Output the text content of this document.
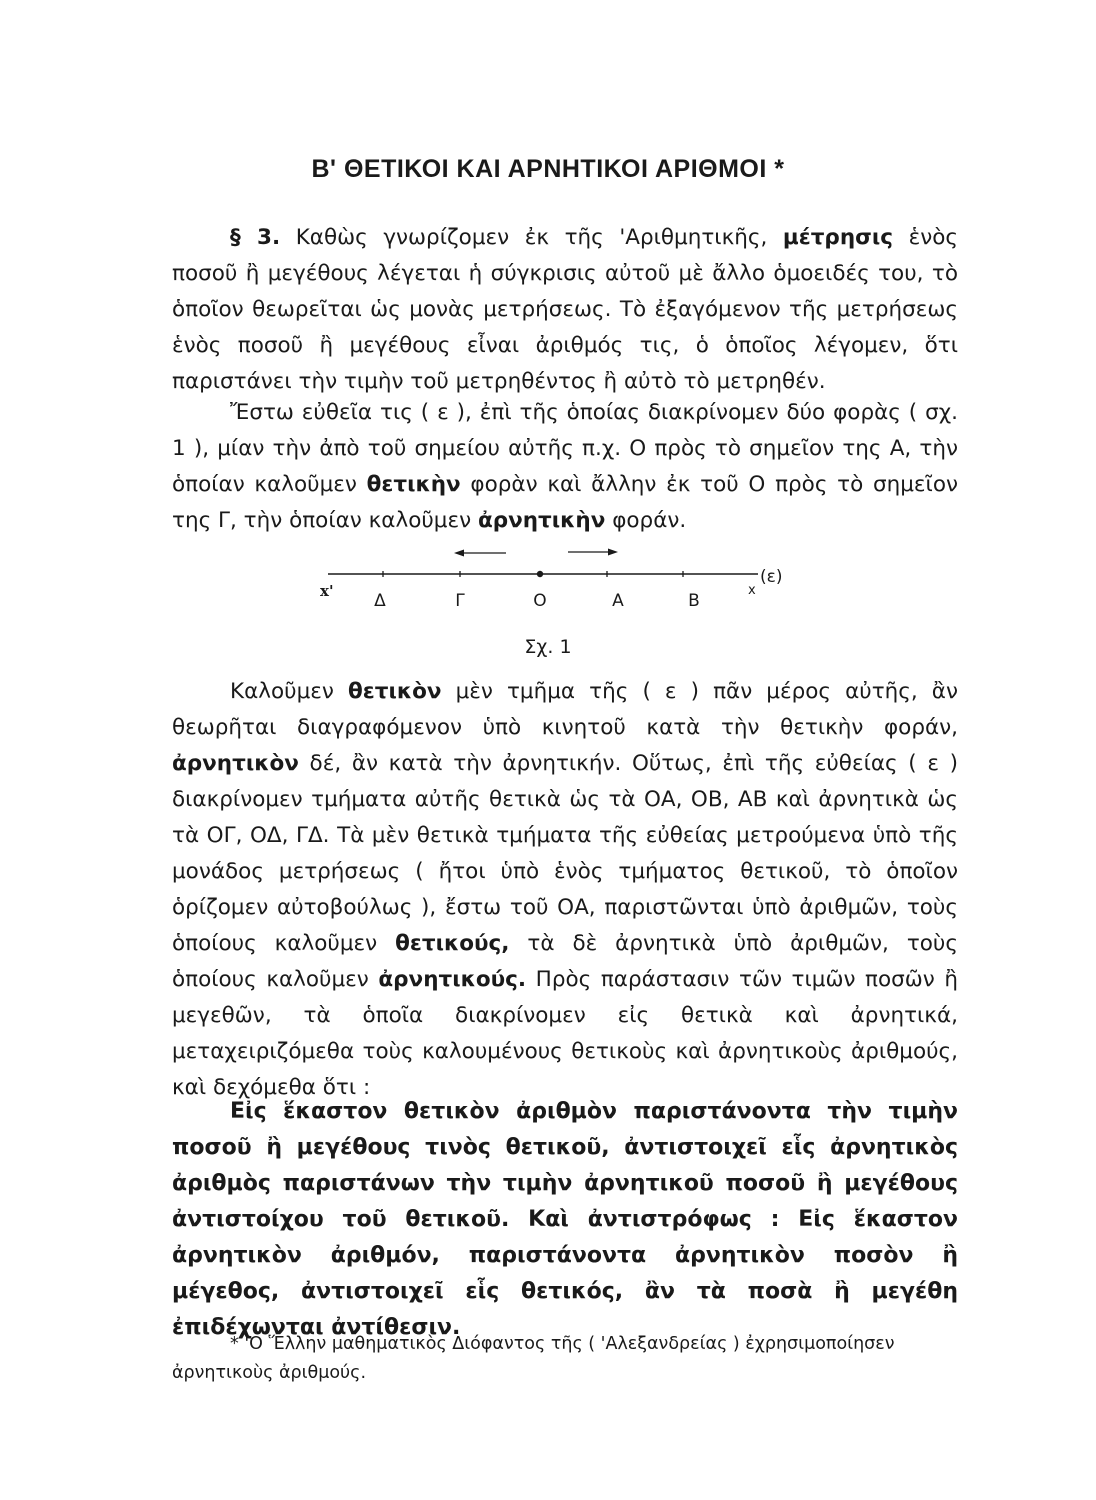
Β' ΘΕΤΙΚΟΙ ΚΑΙ ΑΡΝΗΤΙΚΟΙ ΑΡΙΘΜΟΙ *

§ 3. Καθὼς γνωρίζομεν ἐκ τῆς 'Αριθμητικῆς, μέτρησις ἑνὸς ποσοῦ ἢ μεγέθους λέγεται ἡ σύγκρισις αὐτοῦ μὲ ἄλλο ὁμοειδές του, τὸ ὁποῖον θεωρεῖται ὡς μονὰς μετρήσεως. Τὸ ἐξαγόμενον τῆς μετρήσεως ἑνὸς ποσοῦ ἢ μεγέθους εἶναι ἀριθμός τις, ὁ ὁποῖος λέγομεν, ὅτι παριστάνει τὴν τιμὴν τοῦ μετρηθέντος ἢ αὐτὸ τὸ μετρηθέν.

Ἔστω εὐθεῖα τις ( ε ), ἐπὶ τῆς ὁποίας διακρίνομεν δύο φορὰς ( σχ. 1 ), μίαν τὴν ἀπὸ τοῦ σημείου αὐτῆς π.χ. Ο πρὸς τὸ σημεῖον της Α, τὴν ὁποίαν καλοῦμεν θετικὴν φορὰν καὶ ἄλλην ἐκ τοῦ Ο πρὸς τὸ σημεῖον της Γ, τὴν ὁποίαν καλοῦμεν ἀρνητικὴν φοράν.

x' Δ	Γ	Ο	Α	Β
x
(ε)
Σχ. 1

Καλοῦμεν θετικὸν μὲν τμῆμα τῆς ( ε ) πᾶν μέρος αὐτῆς, ἂν θεωρῆται διαγραφόμενον ὑπὸ κινητοῦ κατὰ τὴν θετικὴν φοράν, ἀρνητικὸν δέ, ἂν κατὰ τὴν ἀρνητικήν. Οὕτως, ἐπὶ τῆς εὐθείας ( ε ) διακρίνομεν τμήματα αὐτῆς θετικὰ ὡς τὰ ΟΑ, ΟΒ, ΑΒ καὶ ἀρνητικὰ ὡς τὰ ΟΓ, ΟΔ, ΓΔ. Τὰ μὲν θετικὰ τμήματα τῆς εὐθείας μετρούμενα ὑπὸ τῆς μονάδος μετρήσεως ( ἤτοι ὑπὸ ἑνὸς τμήματος θετικοῦ, τὸ ὁποῖον ὁρίζομεν αὐτοβούλως ), ἔστω τοῦ ΟΑ, παριστῶνται ὑπὸ ἀριθμῶν, τοὺς ὁποίους καλοῦμεν θετικούς, τὰ δὲ ἀρνητικὰ ὑπὸ ἀριθμῶν, τοὺς ὁποίους καλοῦμεν ἀρνητικούς. Πρὸς παράστασιν τῶν τιμῶν ποσῶν ἢ μεγεθῶν, τὰ ὁποῖα διακρίνομεν εἰς θετικὰ καὶ ἀρνητικά, μεταχειριζόμεθα τοὺς καλουμένους θετικοὺς καὶ ἀρνητικοὺς ἀριθμούς, καὶ δεχόμεθα ὅτι :

Εἰς ἕκαστον θετικὸν ἀριθμὸν παριστάνοντα τὴν τιμὴν ποσοῦ ἢ μεγέθους τινὸς θετικοῦ, ἀντιστοιχεῖ εἷς ἀρνητικὸς ἀριθμὸς παριστάνων τὴν τιμὴν ἀρνητικοῦ ποσοῦ ἢ μεγέθους ἀντιστοίχου τοῦ θετικοῦ. Καὶ ἀντιστρόφως : Εἰς ἕκαστον ἀρνητικὸν ἀριθμόν, παριστάνοντα ἀρνητικὸν ποσὸν ἢ μέγεθος, ἀντιστοιχεῖ εἷς θετικός, ἂν τὰ ποσὰ ἢ μεγέθη ἐπιδέχωνται ἀντίθεσιν.

* 'Ο Ἕλλην μαθηματικὸς Διόφαντος τῆς ( 'Αλεξανδρείας ) ἐχρησιμοποίησεν ἀρνητικοὺς ἀριθμούς.
